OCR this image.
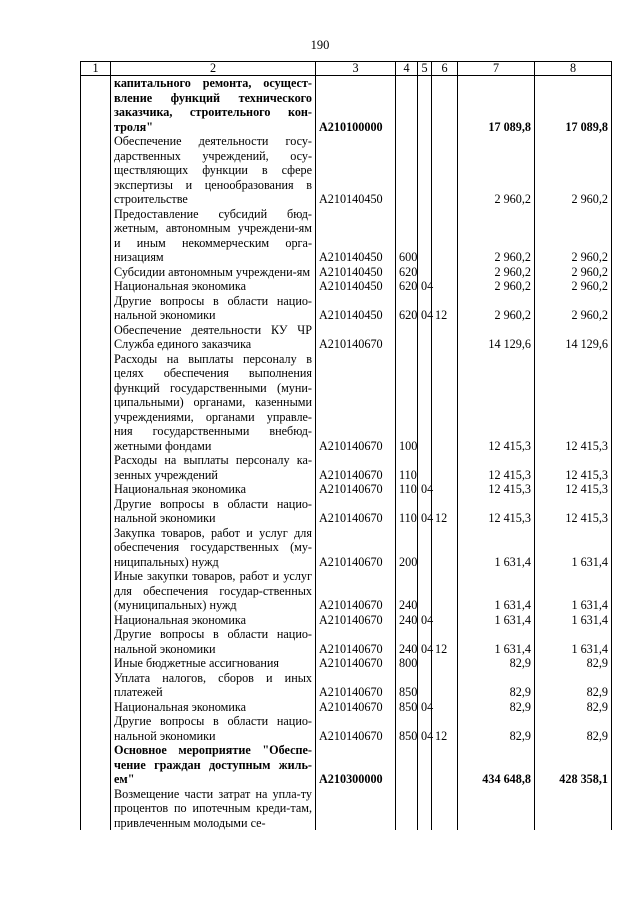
190
1	2	3	4	5	6	7	8
	капитального ремонта, осущест-вление функций технического заказчика, строительного кон-троля"	A210100000				17 089,8	17 089,8
	Обеспечение деятельности госу-дарственных учреждений, осу-ществляющих функции в сфере экспертизы и ценообразования в строительстве	A210140450				2 960,2	2 960,2
	Предоставление субсидий бюд-жетным, автономным учреждени-ям и иным некоммерческим орга-низациям	A210140450	600			2 960,2	2 960,2
	Субсидии автономным учреждени-ям	A210140450	620			2 960,2	2 960,2
	Национальная экономика	A210140450	620	04		2 960,2	2 960,2
	Другие вопросы в области нацио-нальной экономики	A210140450	620	04	12	2 960,2	2 960,2
	Обеспечение деятельности КУ ЧР Служба единого заказчика	A210140670				14 129,6	14 129,6
	Расходы на выплаты персоналу в целях обеспечения выполнения функций государственными (муни-ципальными) органами, казенными учреждениями, органами управле-ния государственными внебюд-жетными фондами	A210140670	100			12 415,3	12 415,3
	Расходы на выплаты персоналу ка-зенных учреждений	A210140670	110			12 415,3	12 415,3
	Национальная экономика	A210140670	110	04		12 415,3	12 415,3
	Другие вопросы в области нацио-нальной экономики	A210140670	110	04	12	12 415,3	12 415,3
	Закупка товаров, работ и услуг для обеспечения государственных (му-ниципальных) нужд	A210140670	200			1 631,4	1 631,4
	Иные закупки товаров, работ и услуг для обеспечения государ-ственных (муниципальных) нужд	A210140670	240			1 631,4	1 631,4
	Национальная экономика	A210140670	240	04		1 631,4	1 631,4
	Другие вопросы в области нацио-нальной экономики	A210140670	240	04	12	1 631,4	1 631,4
	Иные бюджетные ассигнования	A210140670	800			82,9	82,9
	Уплата налогов, сборов и иных платежей	A210140670	850			82,9	82,9
	Национальная экономика	A210140670	850	04		82,9	82,9
	Другие вопросы в области нацио-нальной экономики	A210140670	850	04	12	82,9	82,9
	Основное мероприятие "Обеспе-чение граждан доступным жиль-ем"	A210300000				434 648,8	428 358,1
	Возмещение части затрат на упла-ту процентов по ипотечным креди-там, привлеченным молодыми се-						
